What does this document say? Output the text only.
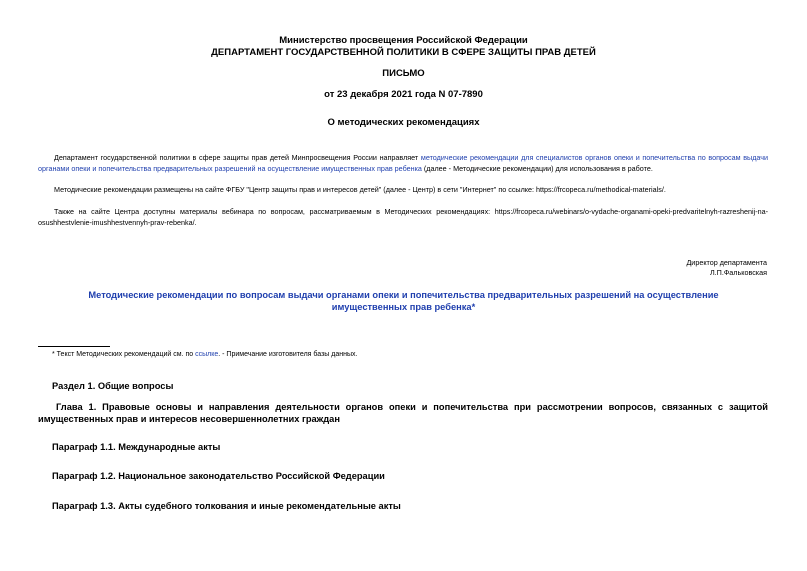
Министерство просвещения Российской Федерации
ДЕПАРТАМЕНТ ГОСУДАРСТВЕННОЙ ПОЛИТИКИ В СФЕРЕ ЗАЩИТЫ ПРАВ ДЕТЕЙ
ПИСЬМО
от 23 декабря 2021 года N 07-7890
О методических рекомендациях
Департамент государственной политики в сфере защиты прав детей Минпросвещения России направляет методические рекомендации для специалистов органов опеки и попечительства по вопросам выдачи органами опеки и попечительства предварительных разрешений на осуществление имущественных прав ребенка (далее - Методические рекомендации) для использования в работе.
Методические рекомендации размещены на сайте ФГБУ "Центр защиты прав и интересов детей" (далее - Центр) в сети "Интернет" по ссылке: https://frcopeca.ru/methodical-materials/.
Также на сайте Центра доступны материалы вебинара по вопросам, рассматриваемым в Методических рекомендациях: https://frcopeca.ru/webinars/o-vydache-organami-opeki-predvaritelnyh-razreshenij-na-osushhestvlenie-imushhestvennyh-prav-rebenka/.
Директор департамента
Л.П.Фальковская
Методические рекомендации по вопросам выдачи органами опеки и попечительства предварительных разрешений на осуществление имущественных прав ребенка*
* Текст Методических рекомендаций см. по ссылке. - Примечание изготовителя базы данных.
Раздел 1. Общие вопросы
Глава 1. Правовые основы и направления деятельности органов опеки и попечительства при рассмотрении вопросов, связанных с защитой имущественных прав и интересов несовершеннолетних граждан
Параграф 1.1. Международные акты
Параграф 1.2. Национальное законодательство Российской Федерации
Параграф 1.3. Акты судебного толкования и иные рекомендательные акты
